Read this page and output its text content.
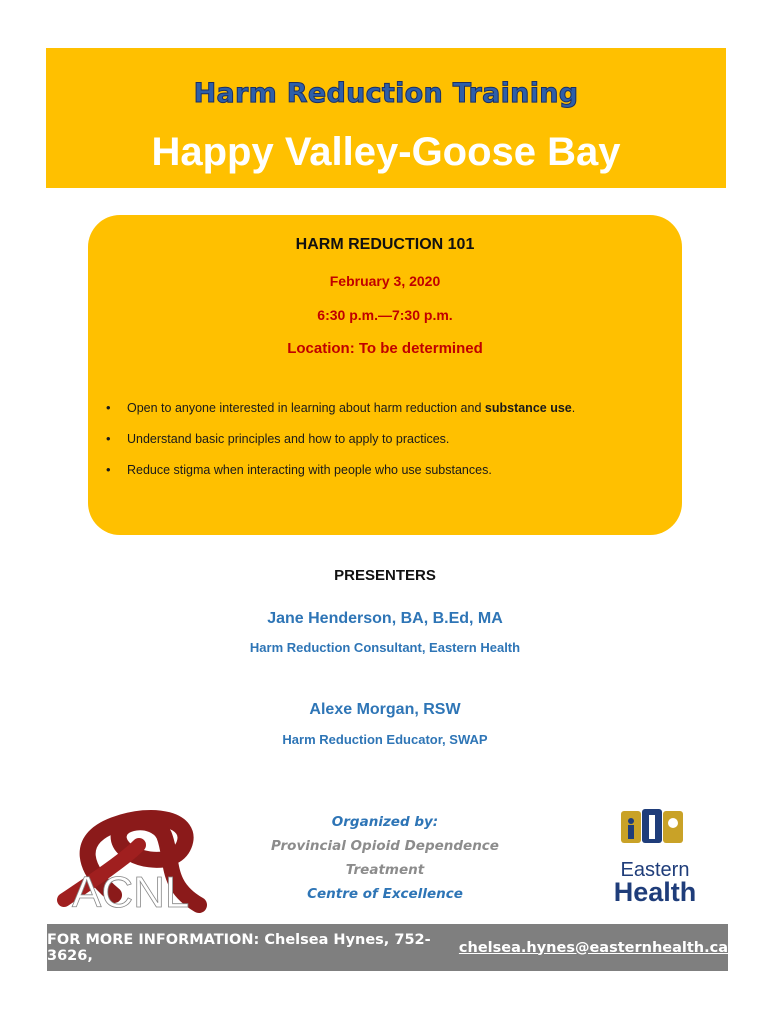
Harm Reduction Training
Happy Valley-Goose Bay
HARM REDUCTION 101
February 3, 2020
6:30 p.m.—7:30 p.m.
Location: To be determined
• Open to anyone interested in learning about harm reduction and substance use.
• Understand basic principles and how to apply to practices.
• Reduce stigma when interacting with people who use substances.
PRESENTERS
Jane Henderson, BA, B.Ed, MA
Harm Reduction Consultant, Eastern Health
Alexe Morgan, RSW
Harm Reduction Educator, SWAP
ACNL
Organized by:
Provincial Opioid Dependence Treatment
Centre of Excellence
Eastern
Health
FOR MORE INFORMATION: Chelsea Hynes, 752-3626,
	chelsea.hynes@easternhealth.ca
